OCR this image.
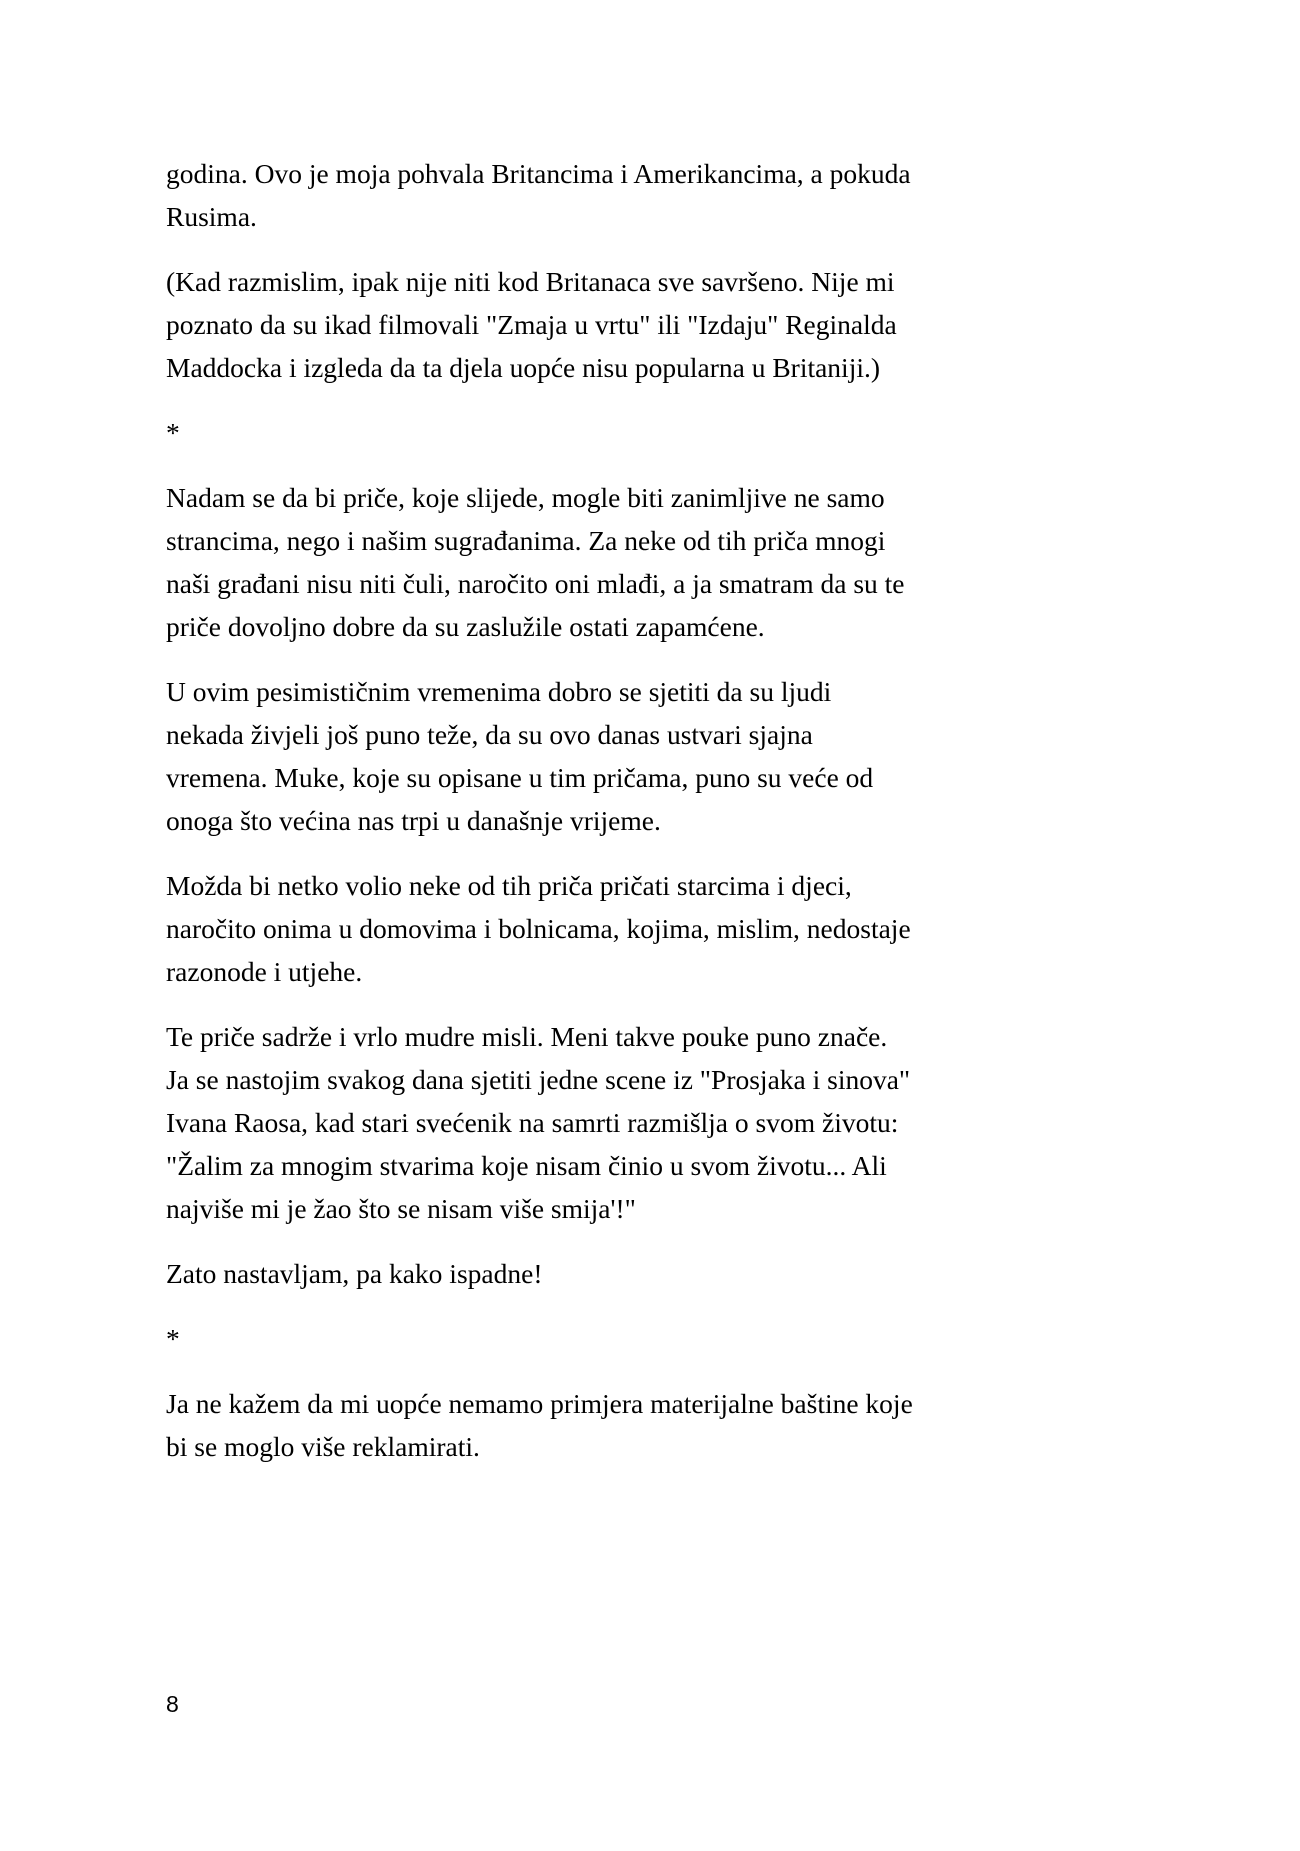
godina. Ovo je moja pohvala Britancima i Amerikancima, a pokuda
Rusima.
(Kad razmislim, ipak nije niti kod Britanaca sve savršeno. Nije mi
poznato da su ikad filmovali "Zmaja u vrtu" ili "Izdaju" Reginalda
Maddocka i izgleda da ta djela uopće nisu popularna u Britaniji.)
*
Nadam se da bi priče, koje slijede, mogle biti zanimljive ne samo
strancima, nego i našim sugrađanima. Za neke od tih priča mnogi
naši građani nisu niti čuli, naročito oni mlađi, a ja smatram da su te
priče dovoljno dobre da su zaslužile ostati zapamćene.
U ovim pesimističnim vremenima dobro se sjetiti da su ljudi
nekada živjeli još puno teže, da su ovo danas ustvari sjajna
vremena. Muke, koje su opisane u tim pričama, puno su veće od
onoga što većina nas trpi u današnje vrijeme.
Možda bi netko volio neke od tih priča pričati starcima i djeci,
naročito onima u domovima i bolnicama, kojima, mislim, nedostaje
razonode i utjehe.
Te priče sadrže i vrlo mudre misli. Meni takve pouke puno znače.
Ja se nastojim svakog dana sjetiti jedne scene iz "Prosjaka i sinova"
Ivana Raosa, kad stari svećenik na samrti razmišlja o svom životu:
"Žalim za mnogim stvarima koje nisam činio u svom životu... Ali
najviše mi je žao što se nisam više smija'!"
Zato nastavljam, pa kako ispadne!
*
Ja ne kažem da mi uopće nemamo primjera materijalne baštine koje
bi se moglo više reklamirati.
8
